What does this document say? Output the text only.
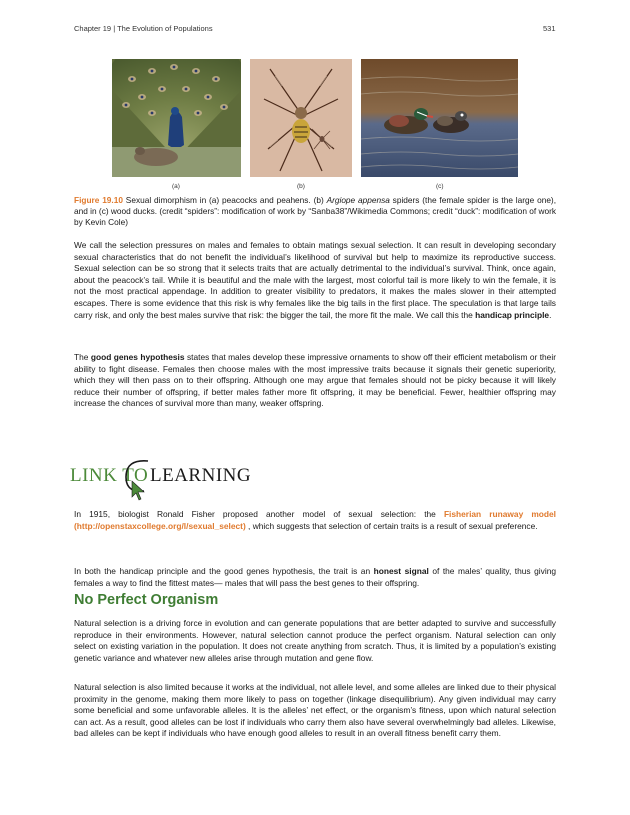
Chapter 19 | The Evolution of Populations	531
(a)	(b)	(c)
Figure 19.10 Sexual dimorphism in (a) peacocks and peahens. (b) Argiope appensa spiders (the female spider is the large one), and in (c) wood ducks. (credit “spiders”: modification of work by “Sanba38”/Wikimedia Commons; credit “duck”: modification of work by Kevin Cole)

We call the selection pressures on males and females to obtain matings sexual selection. It can result in developing secondary sexual characteristics that do not benefit the individual’s likelihood of survival but help to maximize its reproductive success. Sexual selection can be so strong that it selects traits that are actually detrimental to the individual’s survival. Think, once again, about the peacock’s tail. While it is beautiful and the male with the largest, most colorful tail is more likely to win the female, it is not the most practical appendage. In addition to greater visibility to predators, it makes the males slower in their attempted escapes. There is some evidence that this risk is why females like the big tails in the first place. The speculation is that large tails carry risk, and only the best males survive that risk: the bigger the tail, the more fit the male. We call this the handicap principle.

The good genes hypothesis states that males develop these impressive ornaments to show off their efficient metabolism or their ability to fight disease. Females then choose males with the most impressive traits because it signals their genetic superiority, which they will then pass on to their offspring. Although one may argue that females should not be picky because it will likely reduce their number of offspring, if better males father more fit offspring, it may be beneficial. Fewer, healthier offspring may increase the chances of survival more than many, weaker offspring.

LINK TO LEARNING

In 1915, biologist Ronald Fisher proposed another model of sexual selection: the Fisherian runaway model (http://openstaxcollege.org/l/sexual_select) , which suggests that selection of certain traits is a result of sexual preference.

In both the handicap principle and the good genes hypothesis, the trait is an honest signal of the males’ quality, thus giving females a way to find the fittest mates— males that will pass the best genes to their offspring.

No Perfect Organism

Natural selection is a driving force in evolution and can generate populations that are better adapted to survive and successfully reproduce in their environments. However, natural selection cannot produce the perfect organism. Natural selection can only select on existing variation in the population. It does not create anything from scratch. Thus, it is limited by a population’s existing genetic variance and whatever new alleles arise through mutation and gene flow.

Natural selection is also limited because it works at the individual, not allele level, and some alleles are linked due to their physical proximity in the genome, making them more likely to pass on together (linkage disequilibrium). Any given individual may carry some beneficial and some unfavorable alleles. It is the alleles’ net effect, or the organism’s fitness, upon which natural selection can act. As a result, good alleles can be lost if individuals who carry them also have several overwhelmingly bad alleles. Likewise, bad alleles can be kept if individuals who have enough good alleles to result in an overall fitness benefit carry them.
